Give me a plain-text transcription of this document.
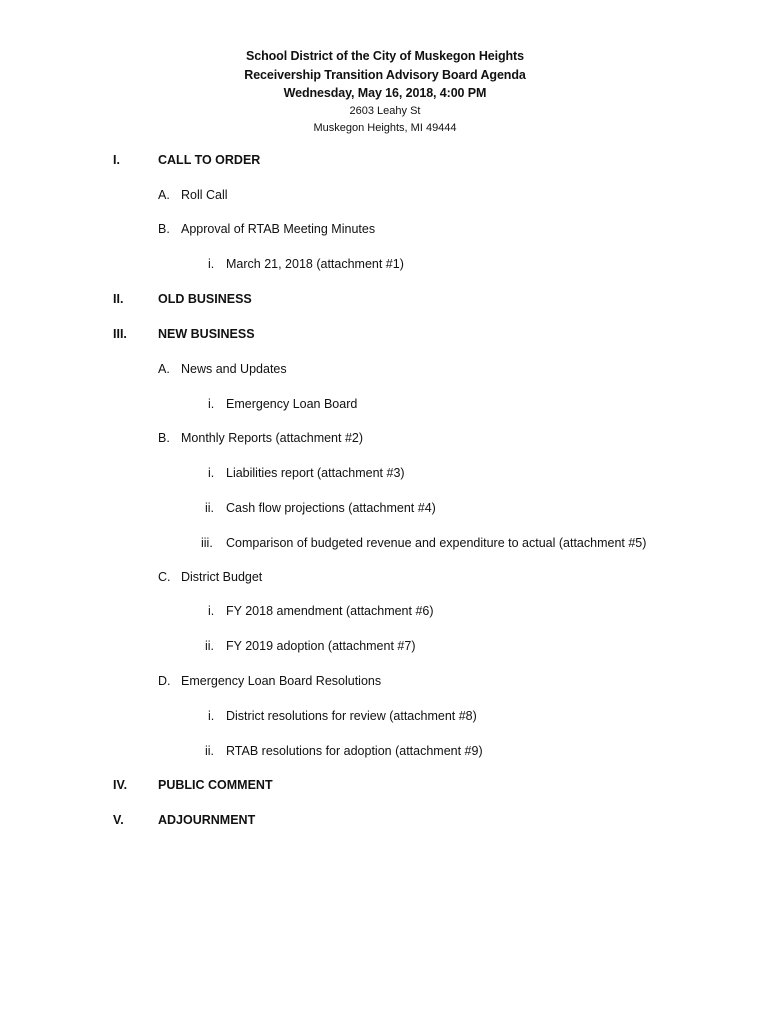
School District of the City of Muskegon Heights
Receivership Transition Advisory Board Agenda
Wednesday, May 16, 2018, 4:00 PM
2603 Leahy St
Muskegon Heights, MI 49444
I.	CALL TO ORDER
A. Roll Call
B. Approval of RTAB Meeting Minutes
i. March 21, 2018 (attachment #1)
II.	OLD BUSINESS
III. NEW BUSINESS
A. News and Updates
i. Emergency Loan Board
B. Monthly Reports (attachment #2)
i. Liabilities report (attachment #3)
ii. Cash flow projections (attachment #4)
iii. Comparison of budgeted revenue and expenditure to actual (attachment #5)
C. District Budget
i. FY 2018 amendment (attachment #6)
ii. FY 2019 adoption (attachment #7)
D. Emergency Loan Board Resolutions
i. District resolutions for review (attachment #8)
ii. RTAB resolutions for adoption (attachment #9)
IV. PUBLIC COMMENT
V.	ADJOURNMENT
